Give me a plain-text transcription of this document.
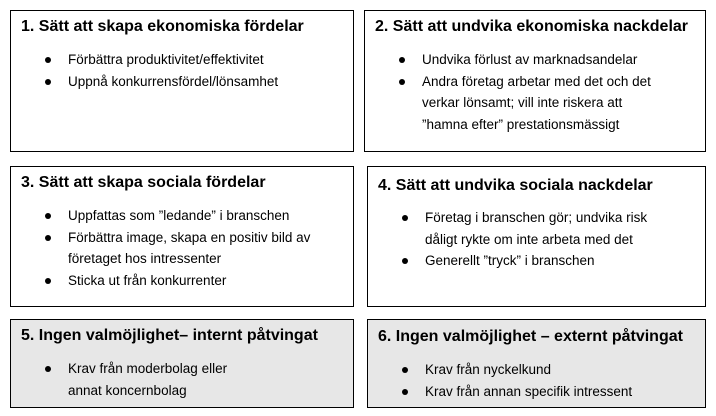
1. Sätt att skapa ekonomiska fördelar
Förbättra produktivitet/effektivitet
Uppnå konkurrensfördel/lönsamhet
2. Sätt att undvika ekonomiska nackdelar
Undvika förlust av marknadsandelar
Andra företag arbetar med det och det
verkar lönsamt; vill inte riskera att
”hamna efter” prestationsmässigt
3. Sätt att skapa sociala fördelar
Uppfattas som ”ledande” i branschen
Förbättra image, skapa en positiv bild av
företaget hos intressenter
Sticka ut från konkurrenter
4. Sätt att undvika sociala nackdelar
Företag i branschen gör; undvika risk
dåligt rykte om inte arbeta med det
Generellt ”tryck” i branschen
5. Ingen valmöjlighet– internt påtvingat
Krav från moderbolag eller
annat koncernbolag
6. Ingen valmöjlighet – externt påtvingat
Krav från nyckelkund
Krav från annan specifik intressent
